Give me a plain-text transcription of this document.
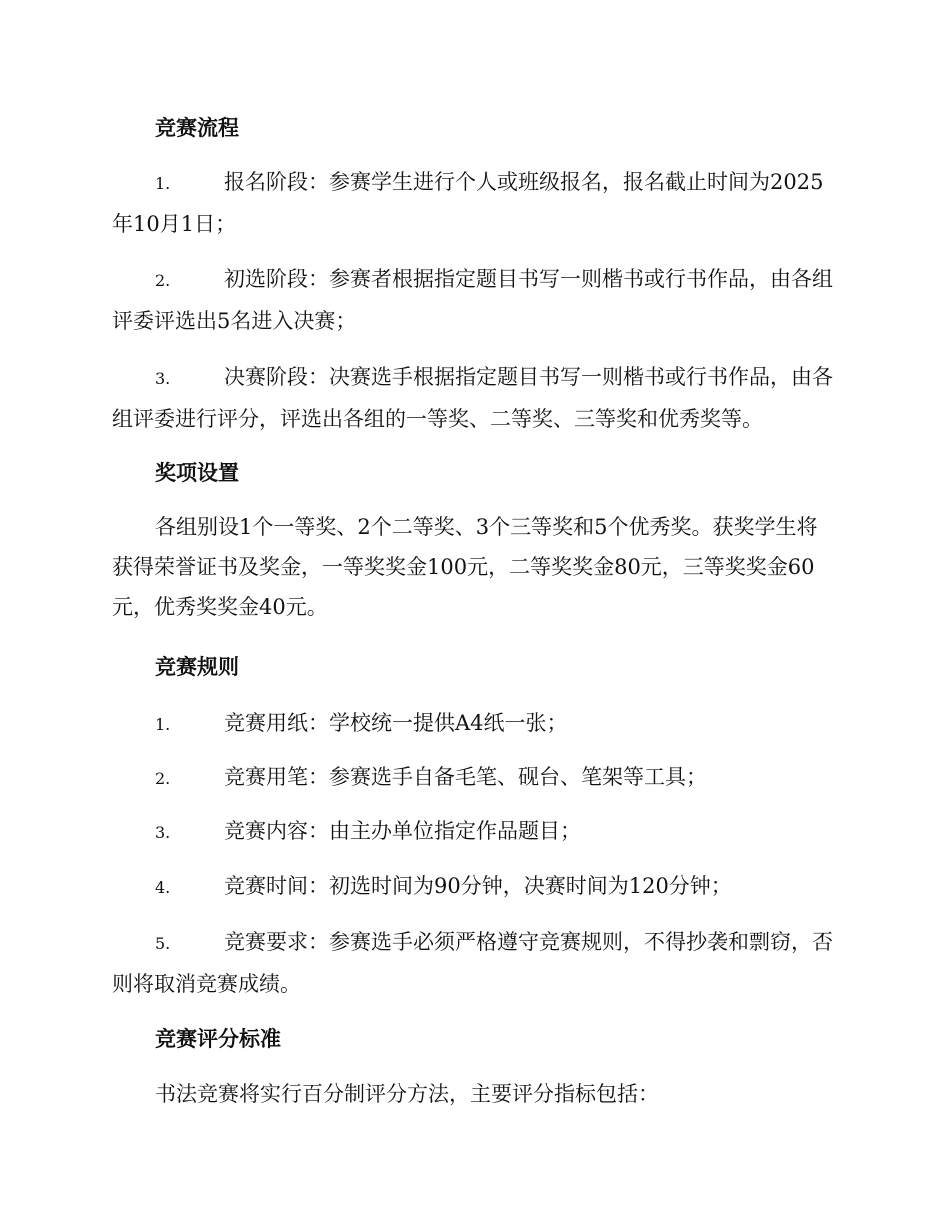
竞赛流程

1.	报名阶段：参赛学生进行个人或班级报名，报名截止时间为2025年10月1日；

2.	初选阶段：参赛者根据指定题目书写一则楷书或行书作品，由各组评委评选出5名进入决赛；

3.	决赛阶段：决赛选手根据指定题目书写一则楷书或行书作品，由各组评委进行评分，评选出各组的一等奖、二等奖、三等奖和优秀奖等。

奖项设置

各组别设1个一等奖、2个二等奖、3个三等奖和5个优秀奖。获奖学生将获得荣誉证书及奖金，一等奖奖金100元，二等奖奖金80元，三等奖奖金60元，优秀奖奖金40元。

竞赛规则

1.	竞赛用纸：学校统一提供A4纸一张；

2.	竞赛用笔：参赛选手自备毛笔、砚台、笔架等工具；

3.	竞赛内容：由主办单位指定作品题目；

4.	竞赛时间：初选时间为90分钟，决赛时间为120分钟；

5.	竞赛要求：参赛选手必须严格遵守竞赛规则，不得抄袭和剽窃，否则将取消竞赛成绩。

竞赛评分标准

书法竞赛将实行百分制评分方法，主要评分指标包括：
